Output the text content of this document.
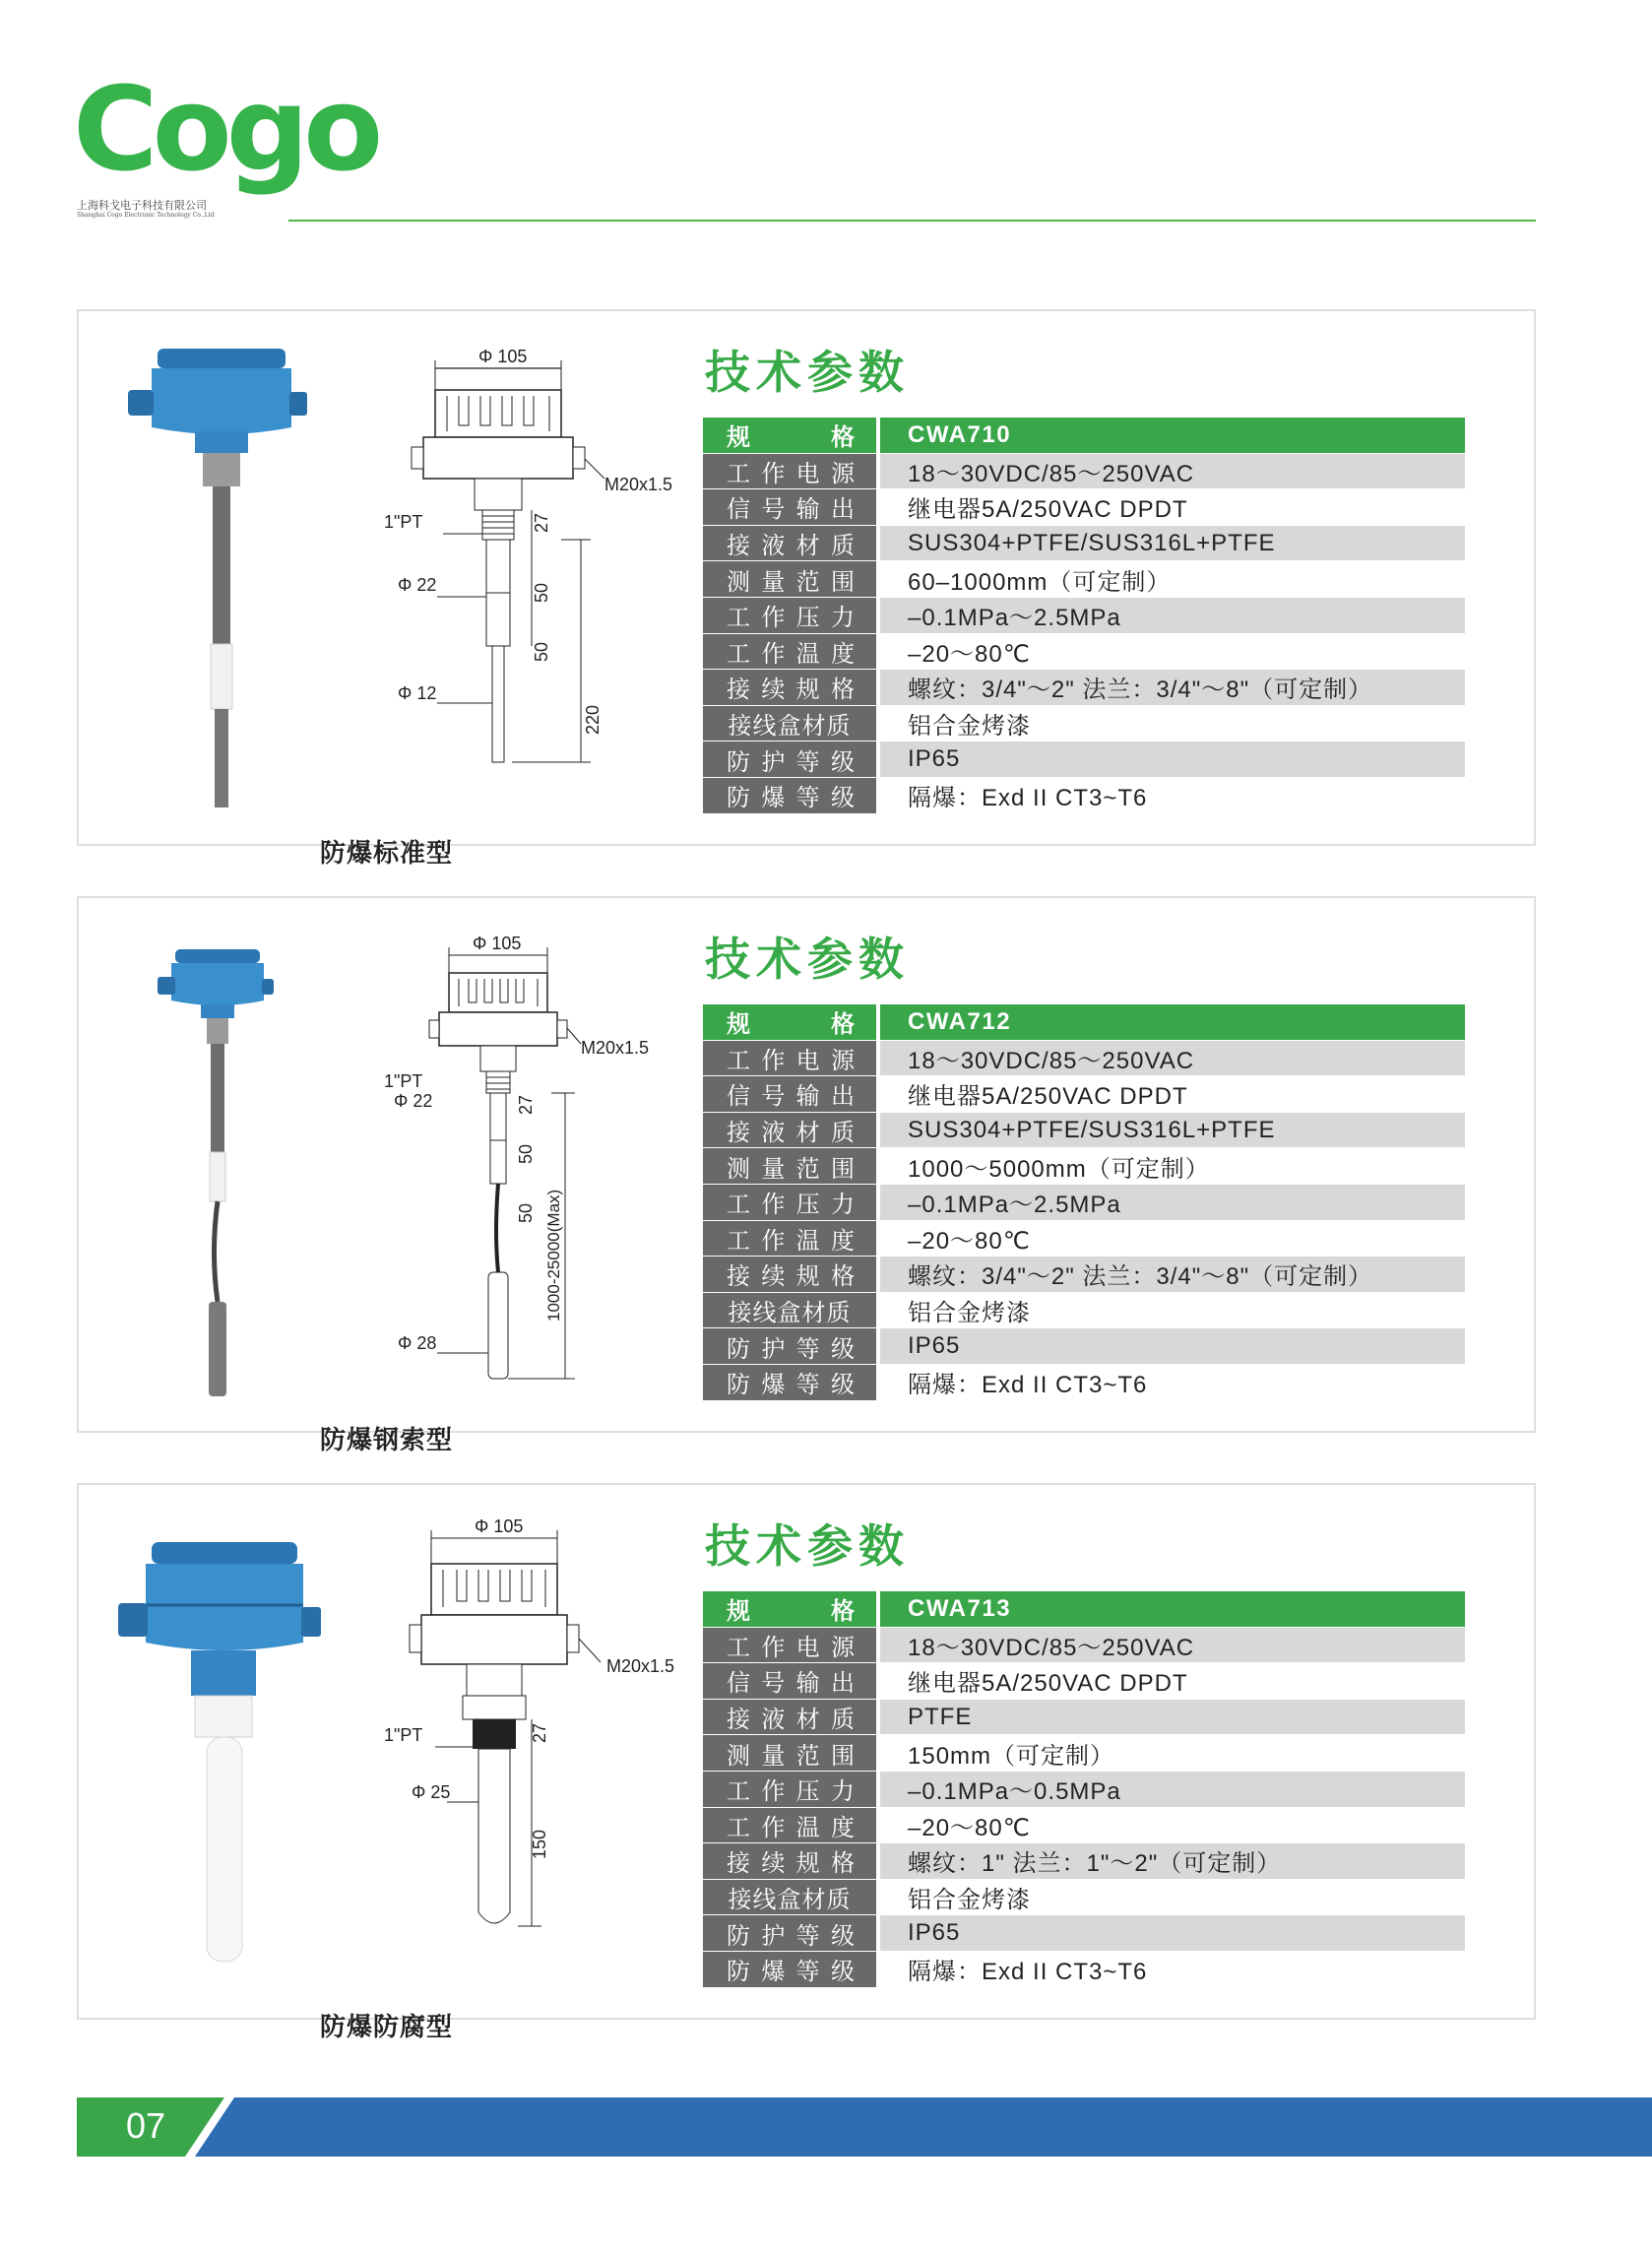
Cogo
上海科戈电子科技有限公司
Shanghai Cogo Electronic Technology Co.,Ltd
Φ 105
M20x1.5
1"PT
Φ 22
Φ 12
27
50
50
220
技术参数
规	格	CWA710
工 作 电 源	18～30VDC/85～250VAC
信 号 输 出	继电器5A/250VAC DPDT
接 液 材 质	SUS304+PTFE/SUS316L+PTFE
测 量 范 围	60–1000mm（可定制）
工 作 压 力	–0.1MPa～2.5MPa
工 作 温 度	–20～80℃
接 续 规 格	螺纹：3/4"～2" 法兰：3/4"～8"（可定制）
接线盒材质	铝合金烤漆
防 护 等 级	IP65
防 爆 等 级	隔爆：Exd II CT3~T6
防爆标准型
Φ 105
M20x1.5
1"PT
Φ 22
Φ 28
27
50
50 1000-25000(Max)
技术参数
规	格	CWA712
工 作 电 源	18～30VDC/85～250VAC
信 号 输 出	继电器5A/250VAC DPDT
接 液 材 质	SUS304+PTFE/SUS316L+PTFE
测 量 范 围	1000～5000mm（可定制）
工 作 压 力	–0.1MPa～2.5MPa
工 作 温 度	–20～80℃
接 续 规 格	螺纹：3/4"～2" 法兰：3/4"～8"（可定制）
接线盒材质	铝合金烤漆
防 护 等 级	IP65
防 爆 等 级	隔爆：Exd II CT3~T6
防爆钢索型
Φ 105
M20x1.5
1"PT
Φ 25
27
150
技术参数
规	格	CWA713
工 作 电 源	18～30VDC/85～250VAC
信 号 输 出	继电器5A/250VAC DPDT
接 液 材 质	PTFE
测 量 范 围	150mm（可定制）
工 作 压 力	–0.1MPa～0.5MPa
工 作 温 度	–20～80℃
接 续 规 格	螺纹：1" 法兰：1"～2"（可定制）
接线盒材质	铝合金烤漆
防 护 等 级	IP65
防 爆 等 级	隔爆：Exd II CT3~T6
防爆防腐型
07
